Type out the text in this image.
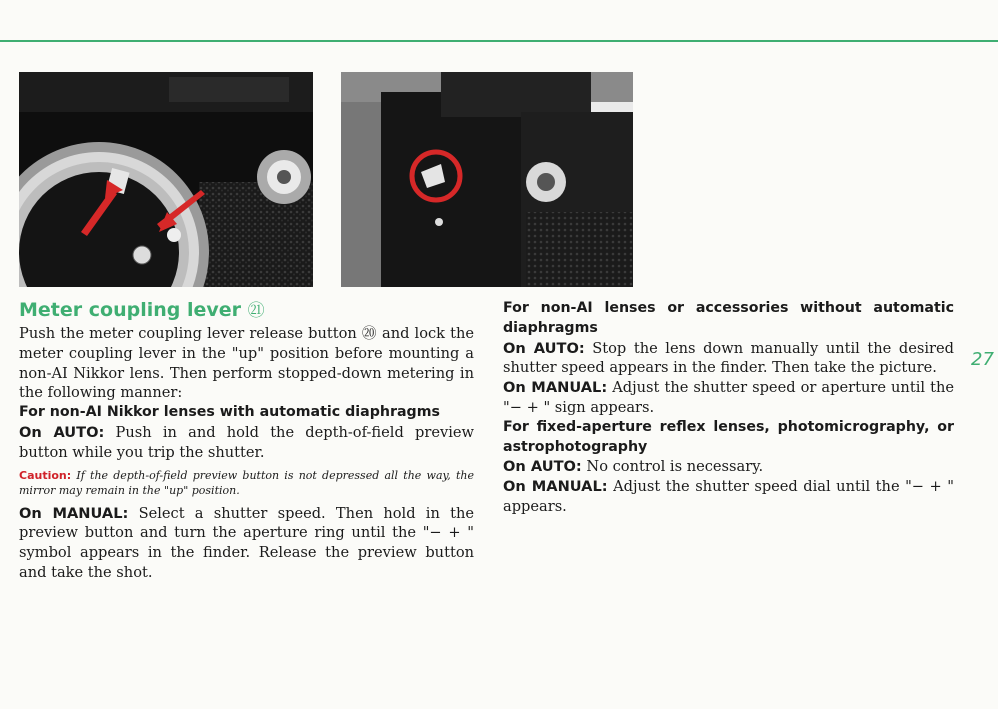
27
Meter coupling lever ㉑

Push the meter coupling lever release button ⑳ and lock the meter coupling lever in the "up" position before mounting a non-AI Nikkor lens. Then perform stopped-down metering in the following manner:

For non-AI Nikkor lenses with automatic diaphragms

On AUTO: Push in and hold the depth-of-field preview button while you trip the shutter.

Caution: If the depth-of-field preview button is not depressed all the way, the mirror may remain in the "up" position.

On MANUAL: Select a shutter speed. Then hold in the preview button and turn the aperture ring until the "− + " symbol appears in the finder. Release the preview button and take the shot.

For non-AI lenses or accessories without automatic diaphragms

On AUTO: Stop the lens down manually until the desired shutter speed appears in the finder. Then take the picture.

On MANUAL: Adjust the shutter speed or aperture until the "− + " sign appears.

For fixed-aperture reflex lenses, photomicrography, or astrophotography

On AUTO: No control is necessary.

On MANUAL: Adjust the shutter speed dial until the "− + " appears.
